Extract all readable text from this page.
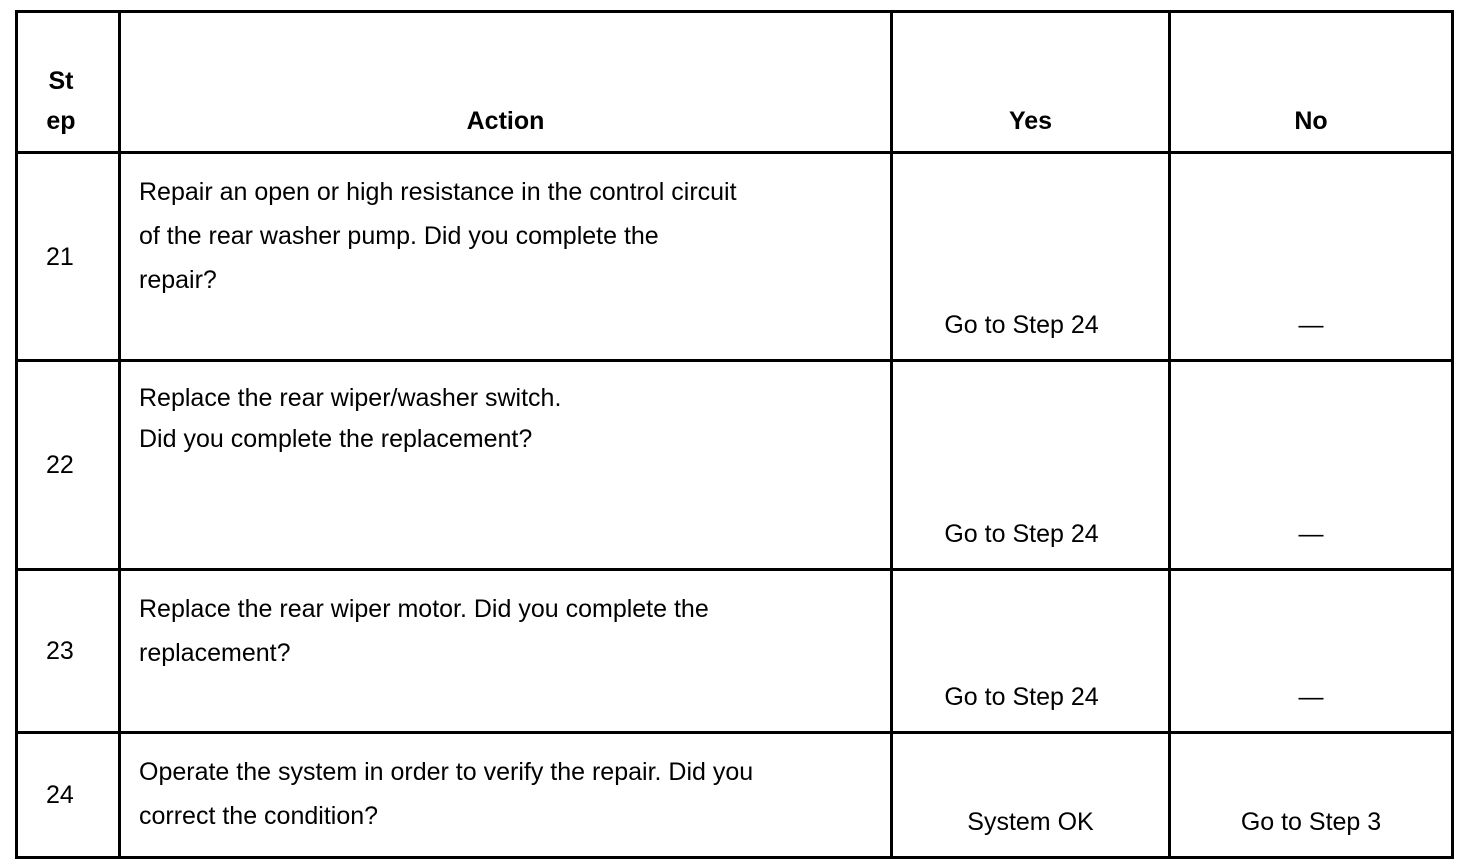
St
ep	Action	Yes	No
21	Repair an open or high resistance in the control circuit
of the rear washer pump. Did you complete the
repair?	Go to Step 24	—
22	Replace the rear wiper/washer switch.
Did you complete the replacement?	Go to Step 24	—
23	Replace the rear wiper motor. Did you complete the
replacement?	Go to Step 24	—
24	Operate the system in order to verify the repair. Did you
correct the condition?	System OK	Go to Step 3
